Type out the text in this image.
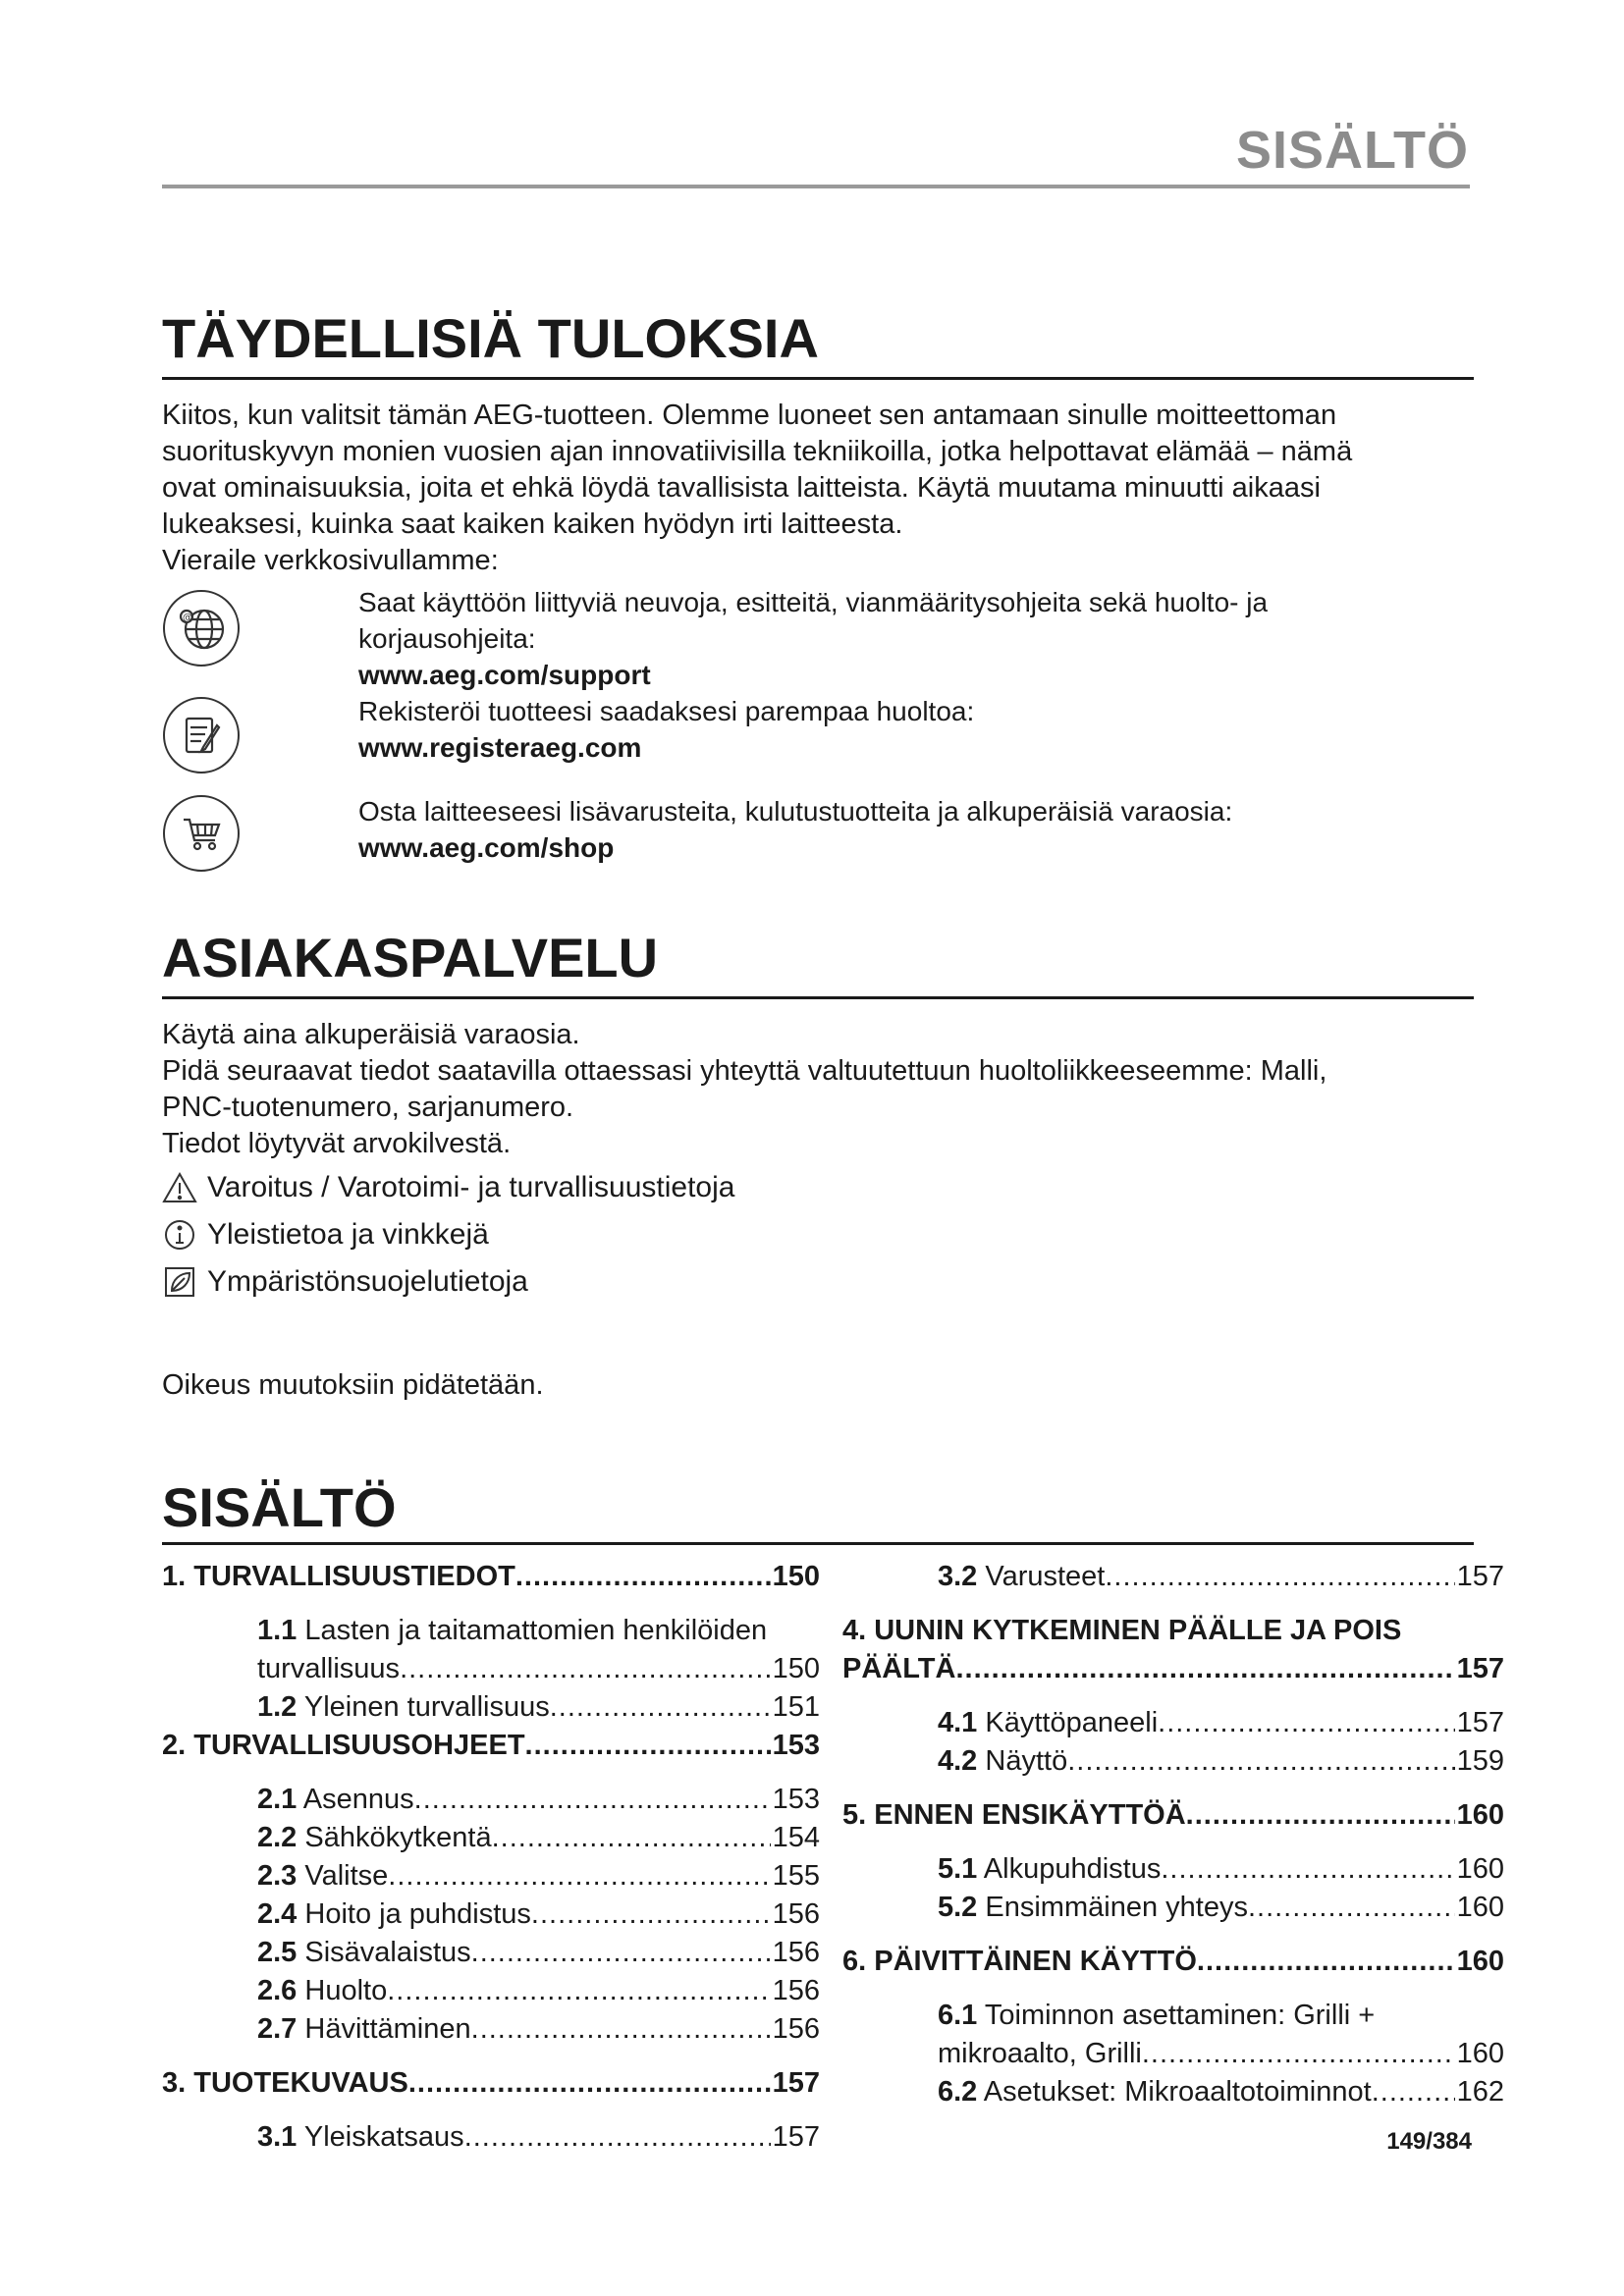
SISÄLTÖ
TÄYDELLISIÄ TULOKSIA
Kiitos, kun valitsit tämän AEG-tuotteen. Olemme luoneet sen antamaan sinulle moitteettoman
suorituskyvyn monien vuosien ajan innovatiivisilla tekniikoilla, jotka helpottavat elämää – nämä
ovat ominaisuuksia, joita et ehkä löydä tavallisista laitteista. Käytä muutama minuutti aikaasi
lukeaksesi, kuinka saat kaiken kaiken hyödyn irti laitteesta.
Vieraile verkkosivullamme:
@
Saat käyttöön liittyviä neuvoja, esitteitä, vianmääritysohjeita sekä huolto- ja
korjausohjeita:
www.aeg.com/support
Rekisteröi tuotteesi saadaksesi parempaa huoltoa:
www.registeraeg.com
Osta laitteeseesi lisävarusteita, kulutustuotteita ja alkuperäisiä varaosia:
www.aeg.com/shop
ASIAKASPALVELU
Käytä aina alkuperäisiä varaosia.
Pidä seuraavat tiedot saatavilla ottaessasi yhteyttä valtuutettuun huoltoliikkeeseemme: Malli,
PNC-tuotenumero, sarjanumero.
Tiedot löytyvät arvokilvestä.
Varoitus / Varotoimi- ja turvallisuustietoja
Yleistietoa ja vinkkejä
Ympäristönsuojelutietoja
Oikeus muutoksiin pidätetään.
SISÄLTÖ
1. TURVALLISUUSTIEDOT .....	150
1.1 Lasten ja taitamattomien henkilöiden
turvallisuus .....	150
1.2 Yleinen turvallisuus .....	151
2. TURVALLISUUSOHJEET .....	153
2.1 Asennus .....	153
2.2 Sähkökytkentä .....	154
2.3 Valitse .....	155
2.4 Hoito ja puhdistus .....	156
2.5 Sisävalaistus .....	156
2.6 Huolto .....	156
2.7 Hävittäminen .....	156
3. TUOTEKUVAUS .....	157
3.1 Yleiskatsaus .....	157
3.2 Varusteet .....	157
4. UUNIN KYTKEMINEN PÄÄLLE JA POIS
PÄÄLTÄ .....	157
4.1 Käyttöpaneeli .....	157
4.2 Näyttö .....	159
5. ENNEN ENSIKÄYTTÖÄ .....	160
5.1 Alkupuhdistus .....	160
5.2 Ensimmäinen yhteys .....	160
6. PÄIVITTÄINEN KÄYTTÖ .....	160
6.1 Toiminnon asettaminen: Grilli +
mikroaalto, Grilli .....	160
6.2 Asetukset: Mikroaaltotoiminnot .....	162
149/384
